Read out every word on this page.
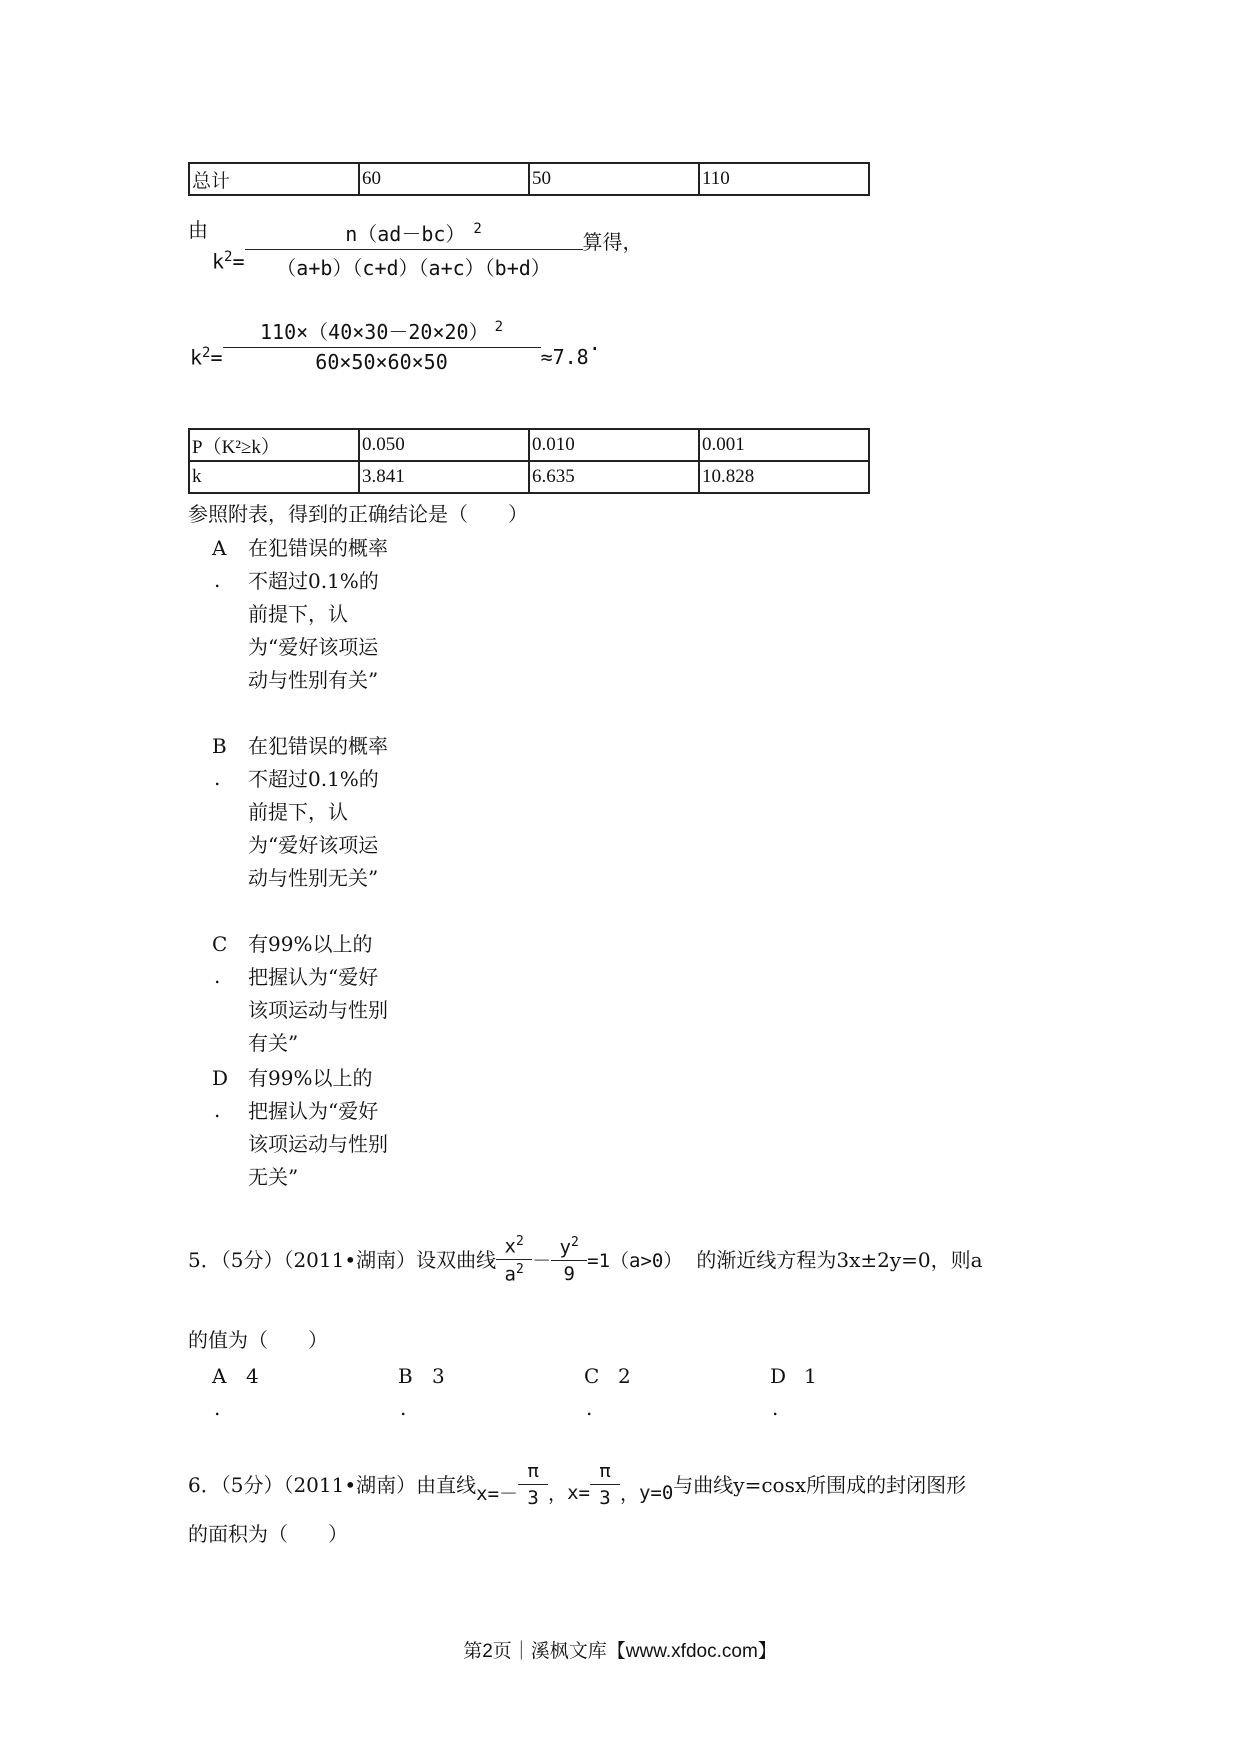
总计	60	50	110
由
$k^2= \frac{n(ad-bc) ^2}{(a+b)(c+d)(a+c)(b+d)}$ 算得，
$k^2= \frac{110\times(40\times 30-20\times 20) ^2}{60\times 50\times 60\times 50} \approx 7.8$
.
P（K²≥k）	0.050	0.010	0.001
k	3.841	6.635	10.828
参照附表，得到的正确结论是（　　）
A
.
在犯错误的概率不超过0.1%的前提下，认为“爱好该项运动与性别有关”
B
.
在犯错误的概率不超过0.1%的前提下，认为“爱好该项运动与性别无关”
C
.
有99%以上的把握认为“爱好该项运动与性别有关”
D
.
有99%以上的把握认为“爱好该项运动与性别无关”
5．（5分）（2011•湖南）设双曲线 $\frac{x^2}{a^2} - \frac{y^2}{9} =1(a>0)$ 的渐近线方程为3x±2y=0，则a
的值为（　　）
A 4
.
B 3
.
C 2
.
D 1
.
6．（5分）（2011•湖南）由直线 $x=- \frac{\pi}{3}$ ， $x= \frac{\pi}{3}$ ， y=0 与曲线y=cosx所围成的封闭图形
的面积为（　　）
第2页｜溪枫文库【www.xfdoc.com】
